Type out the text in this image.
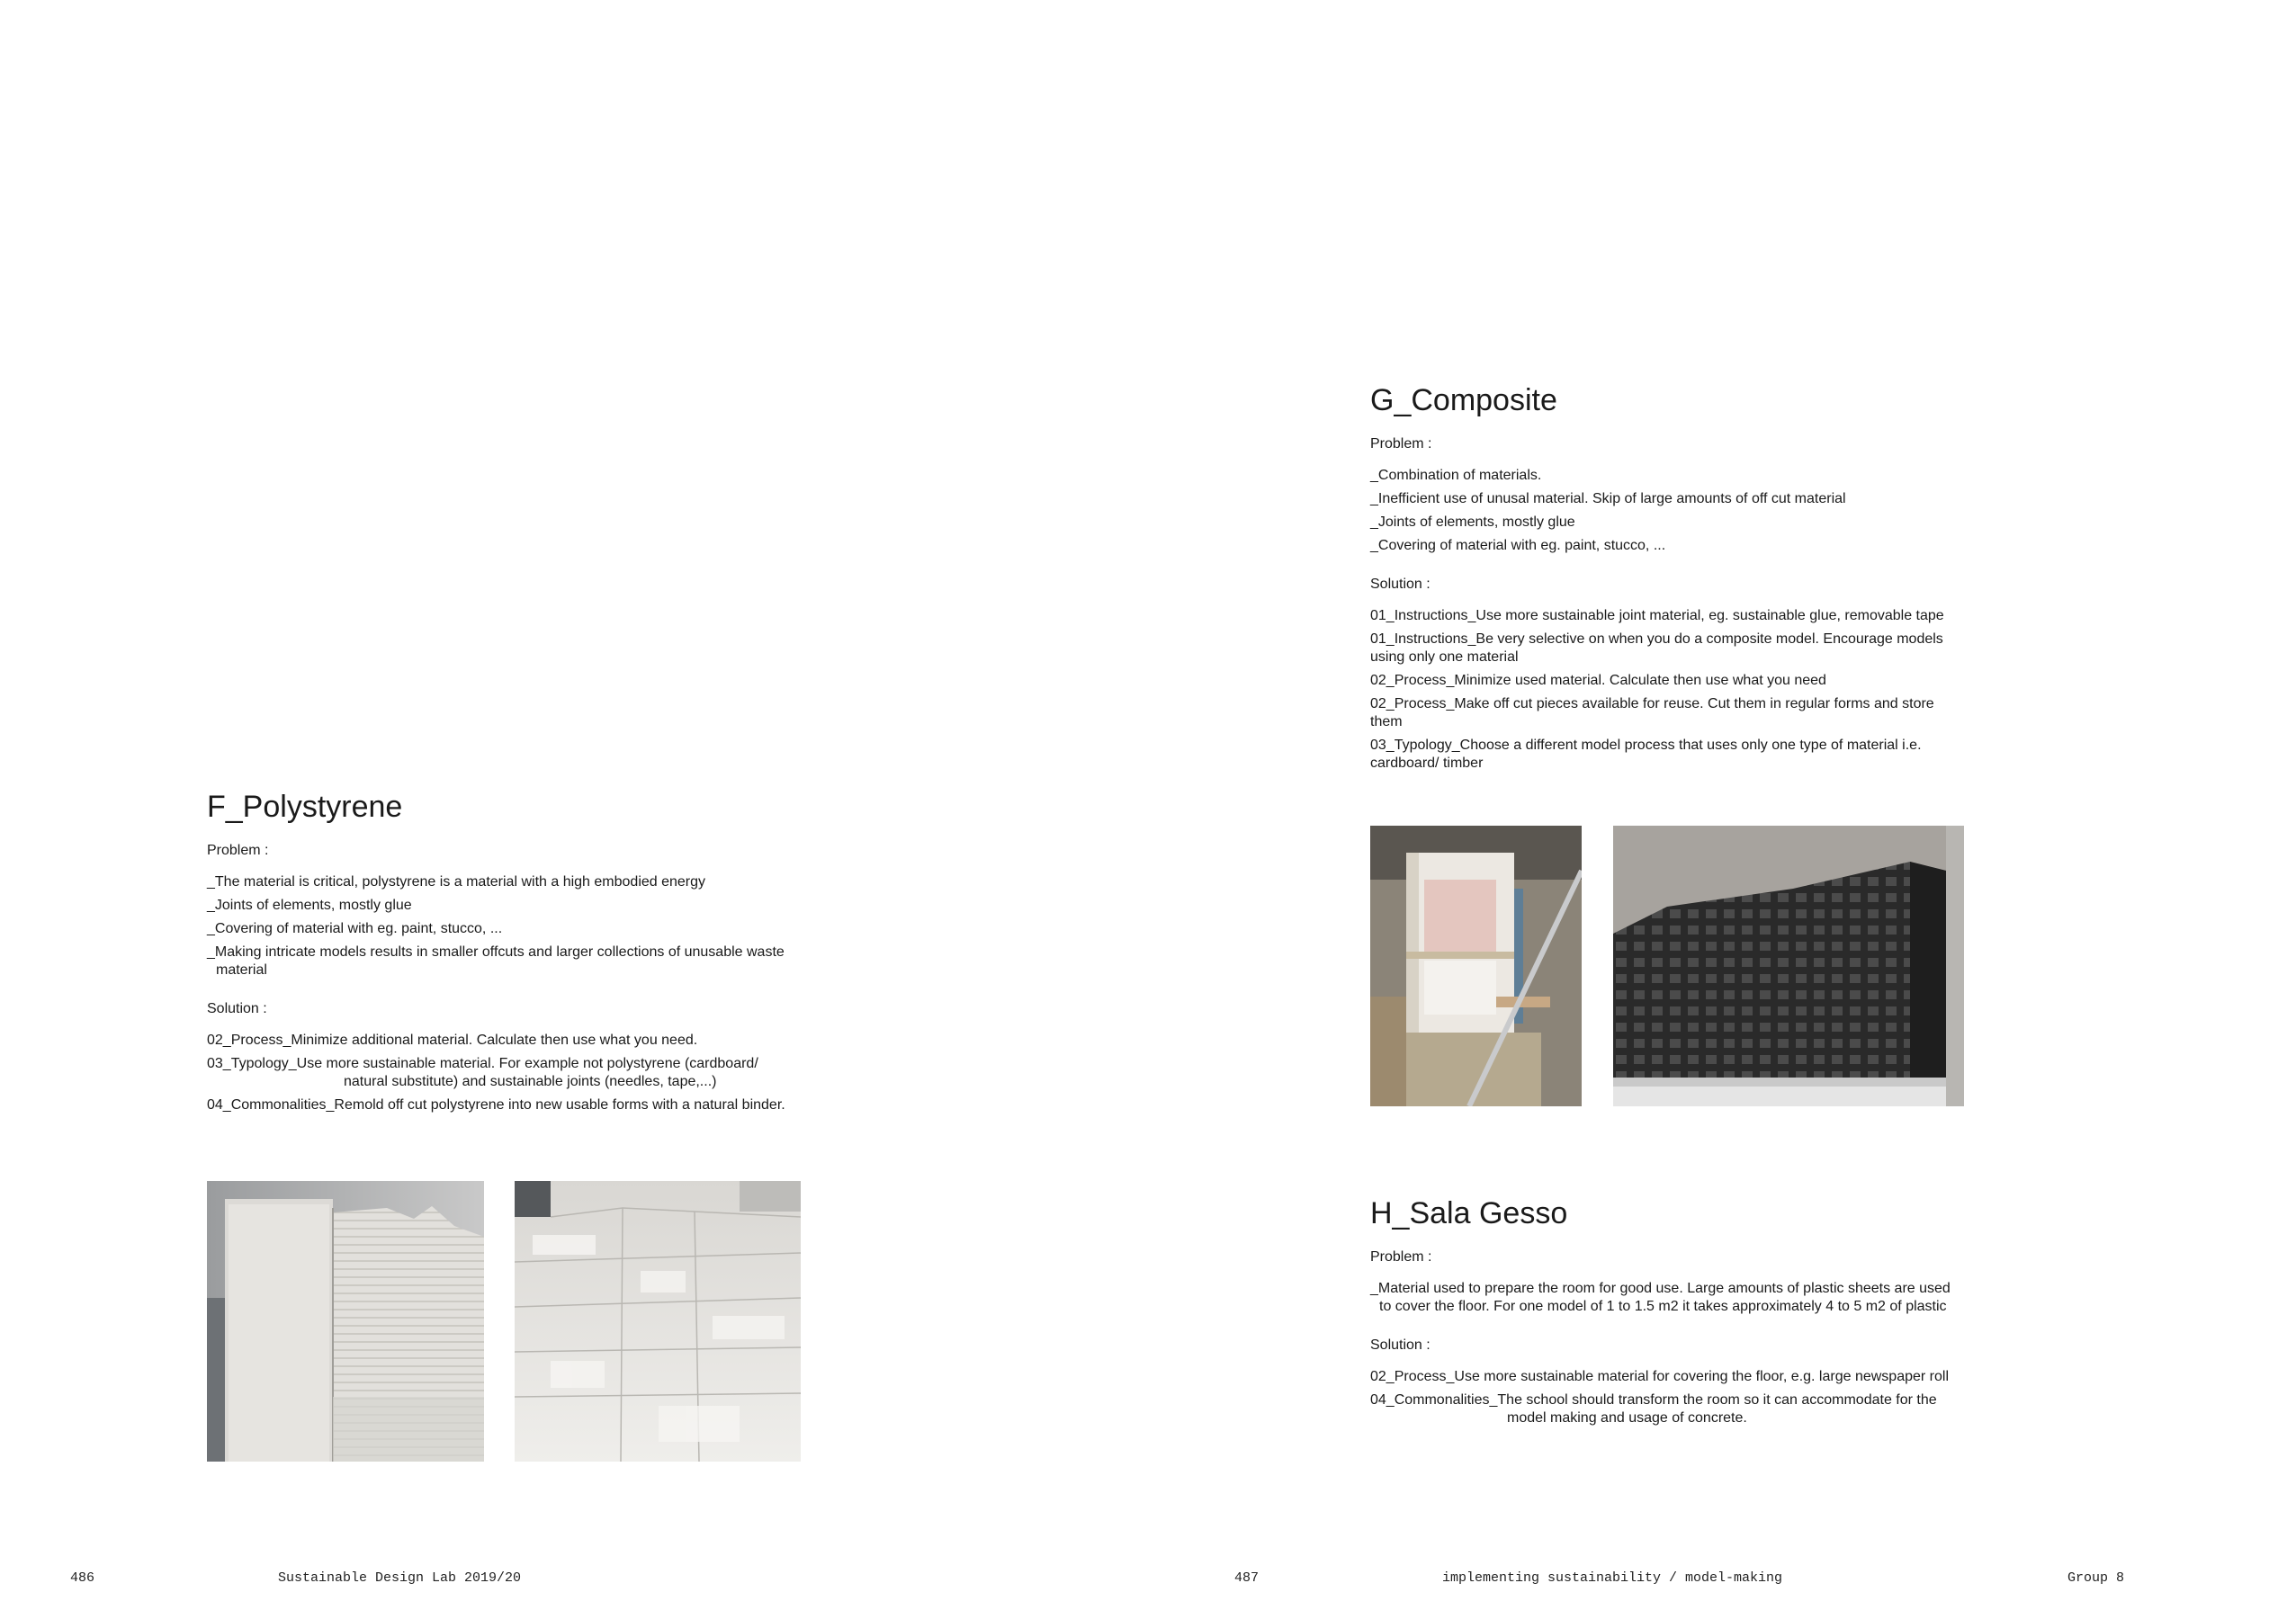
F_Polystyrene
Problem :
_The material is critical, polystyrene is a material with a high embodied energy
_Joints of elements, mostly glue
_Covering of material with eg. paint, stucco, ...
_Making intricate models results in smaller offcuts and larger collections of unusable waste material
Solution :
02_Process_Minimize additional material. Calculate then use what you need.
03_Typology_Use more sustainable material. For example not polystyrene (cardboard/ natural substitute) and sustainable joints (needles, tape,...)
04_Commonalities_Remold off cut polystyrene into new usable forms with a natural binder.
G_Composite
Problem :
_Combination of materials.
_Inefficient use of unusal material. Skip of large amounts of off cut material
_Joints of elements, mostly glue
_Covering of material with eg. paint, stucco, ...
Solution :
01_Instructions_Use more sustainable joint material, eg. sustainable glue, removable tape
01_Instructions_Be very selective on when you do a composite model. Encourage models using only one material
02_Process_Minimize used material. Calculate then use what you need
02_Process_Make off cut pieces available for reuse. Cut them in regular forms and store them
03_Typology_Choose a different model process that uses only one type of material i.e. cardboard/ timber
H_Sala Gesso
Problem :
_Material used to prepare the room for good use. Large amounts of plastic sheets are used to cover the floor. For one model of 1 to 1.5 m2 it takes approximately 4 to 5 m2 of plastic
Solution :
02_Process_Use more sustainable material for covering the floor, e.g. large newspaper roll
04_Commonalities_The school should transform the room so it can accommodate for the model making and usage of concrete.
486	Sustainable Design Lab 2019/20	487	implementing sustainability / model-making	Group 8
